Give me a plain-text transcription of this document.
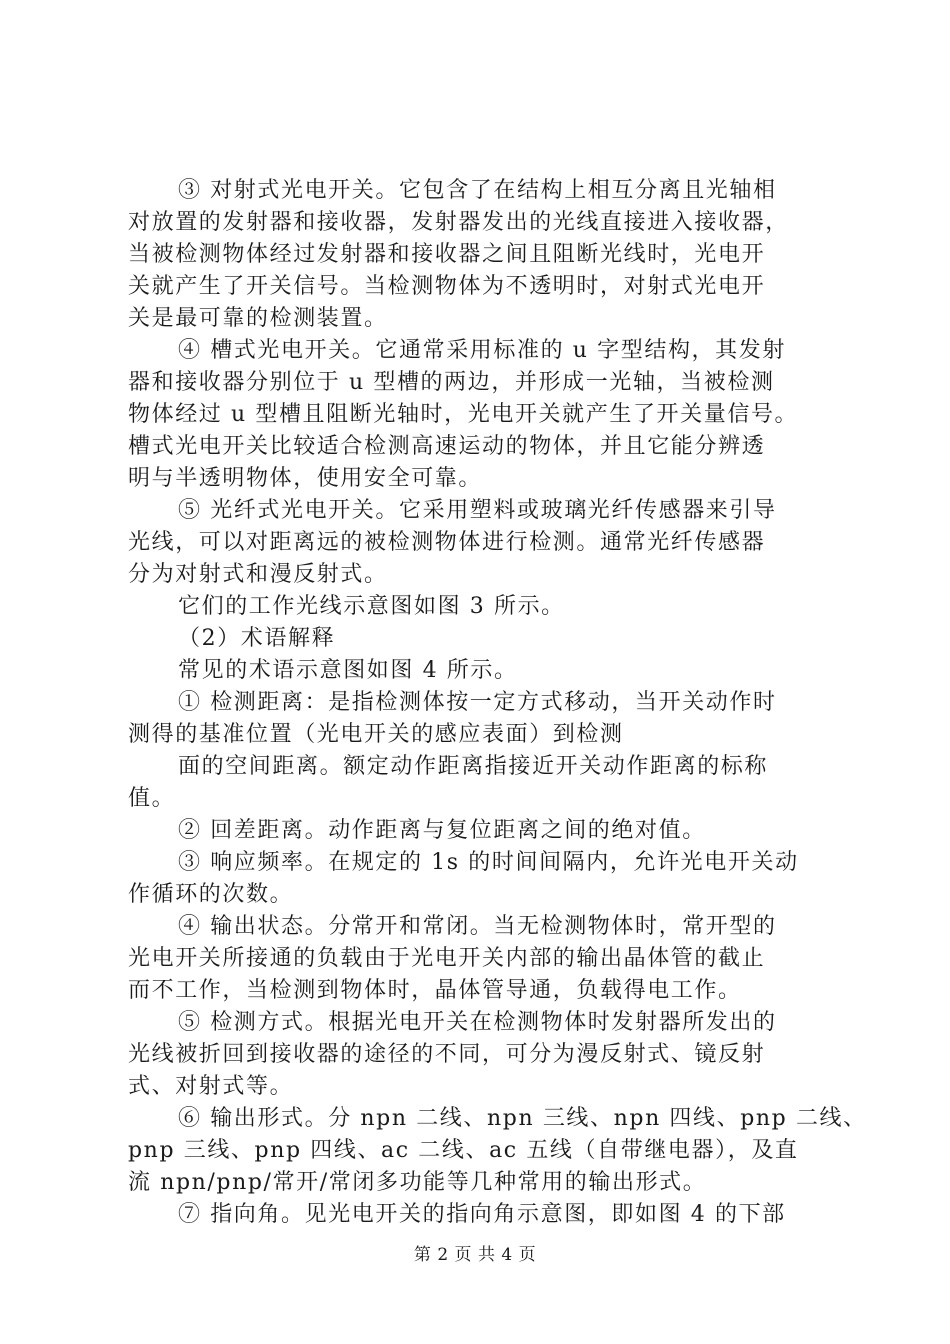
③ 对射式光电开关。它包含了在结构上相互分离且光轴相
对放置的发射器和接收器，发射器发出的光线直接进入接收器，
当被检测物体经过发射器和接收器之间且阻断光线时，光电开
关就产生了开关信号。当检测物体为不透明时，对射式光电开
关是最可靠的检测装置。
④ 槽式光电开关。它通常采用标准的 u 字型结构，其发射
器和接收器分别位于 u 型槽的两边，并形成一光轴，当被检测
物体经过 u 型槽且阻断光轴时，光电开关就产生了开关量信号。
槽式光电开关比较适合检测高速运动的物体，并且它能分辨透
明与半透明物体，使用安全可靠。
⑤ 光纤式光电开关。它采用塑料或玻璃光纤传感器来引导
光线，可以对距离远的被检测物体进行检测。通常光纤传感器
分为对射式和漫反射式。
它们的工作光线示意图如图 3 所示。
（2）术语解释
常见的术语示意图如图 4 所示。
① 检测距离：是指检测体按一定方式移动，当开关动作时
测得的基准位置（光电开关的感应表面）到检测
面的空间距离。额定动作距离指接近开关动作距离的标称
值。
② 回差距离。动作距离与复位距离之间的绝对值。
③ 响应频率。在规定的 1s 的时间间隔内，允许光电开关动
作循环的次数。
④ 输出状态。分常开和常闭。当无检测物体时，常开型的
光电开关所接通的负载由于光电开关内部的输出晶体管的截止
而不工作，当检测到物体时，晶体管导通，负载得电工作。
⑤ 检测方式。根据光电开关在检测物体时发射器所发出的
光线被折回到接收器的途径的不同，可分为漫反射式、镜反射
式、对射式等。
⑥ 输出形式。分 npn 二线、npn 三线、npn 四线、pnp 二线、
pnp 三线、pnp 四线、ac 二线、ac 五线（自带继电器），及直
流 npn/pnp/常开/常闭多功能等几种常用的输出形式。
⑦ 指向角。见光电开关的指向角示意图，即如图 4 的下部
第 2 页 共 4 页
